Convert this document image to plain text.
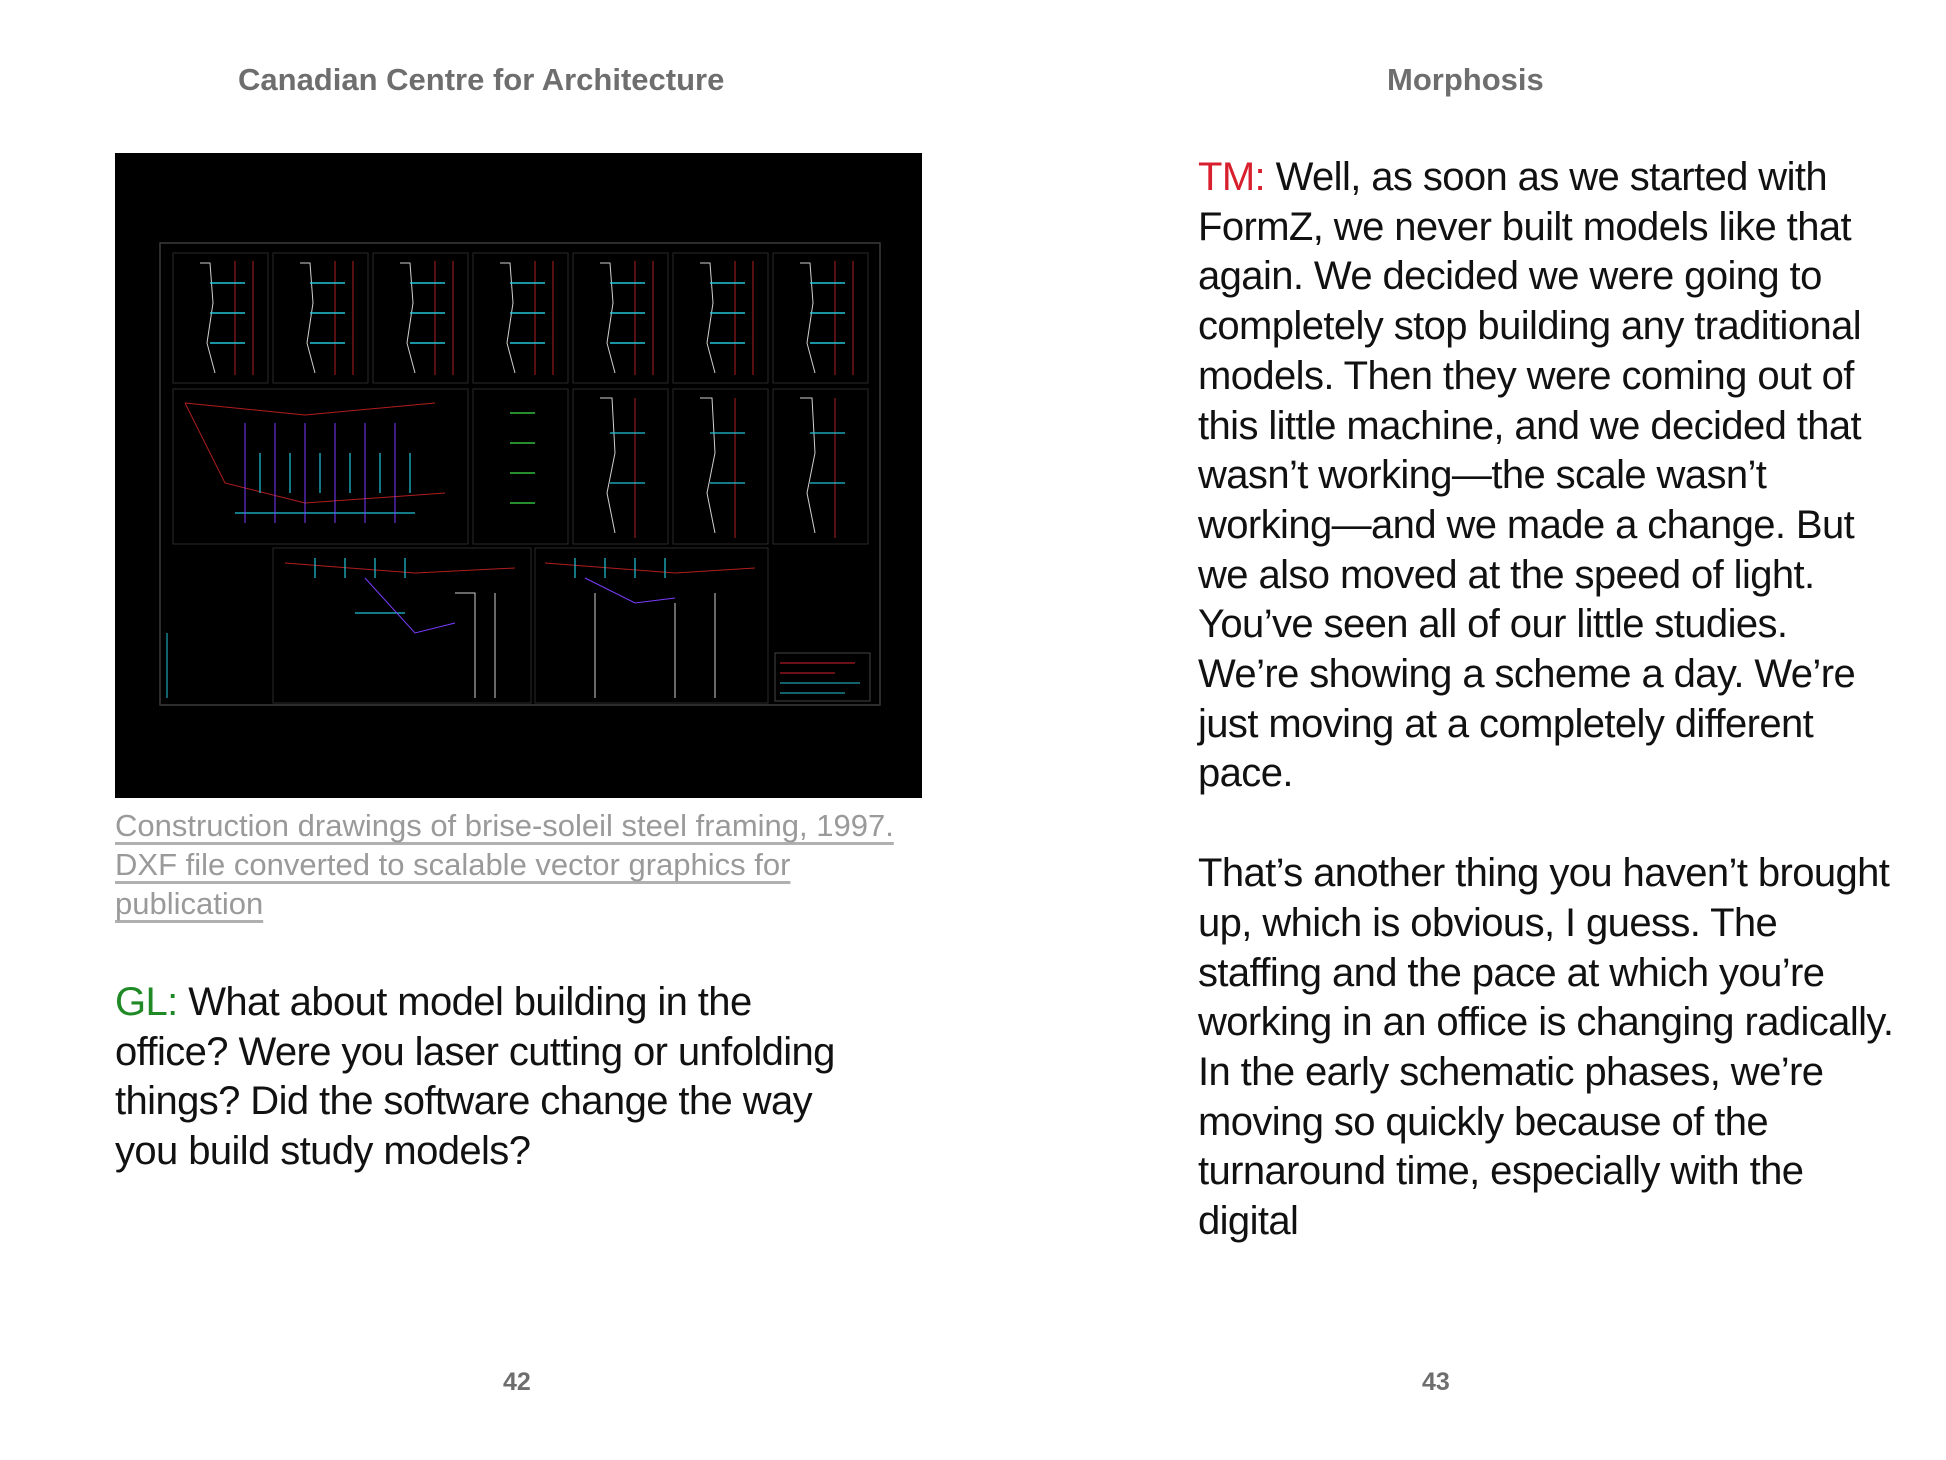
Canadian Centre for Architecture
Construction drawings of brise-soleil steel framing, 1997. DXF file converted to scalable vector graphics for publication
GL: What about model building in the office? Were you laser cutting or unfolding things? Did the software change the way you build study models?
42
Morphosis

TM: Well, as soon as we started with FormZ, we never built models like that again. We decided we were going to completely stop building any traditional models. Then they were coming out of this little machine, and we decided that wasn’t working—the scale wasn’t working—and we made a change. But we also moved at the speed of light. You’ve seen all of our little studies. We’re showing a scheme a day. We’re just moving at a completely different pace.

That’s another thing you haven’t brought up, which is obvious, I guess. The staffing and the pace at which you’re working in an office is changing radically. In the early schematic phases, we’re moving so quickly because of the turnaround time, especially with the digital

43
